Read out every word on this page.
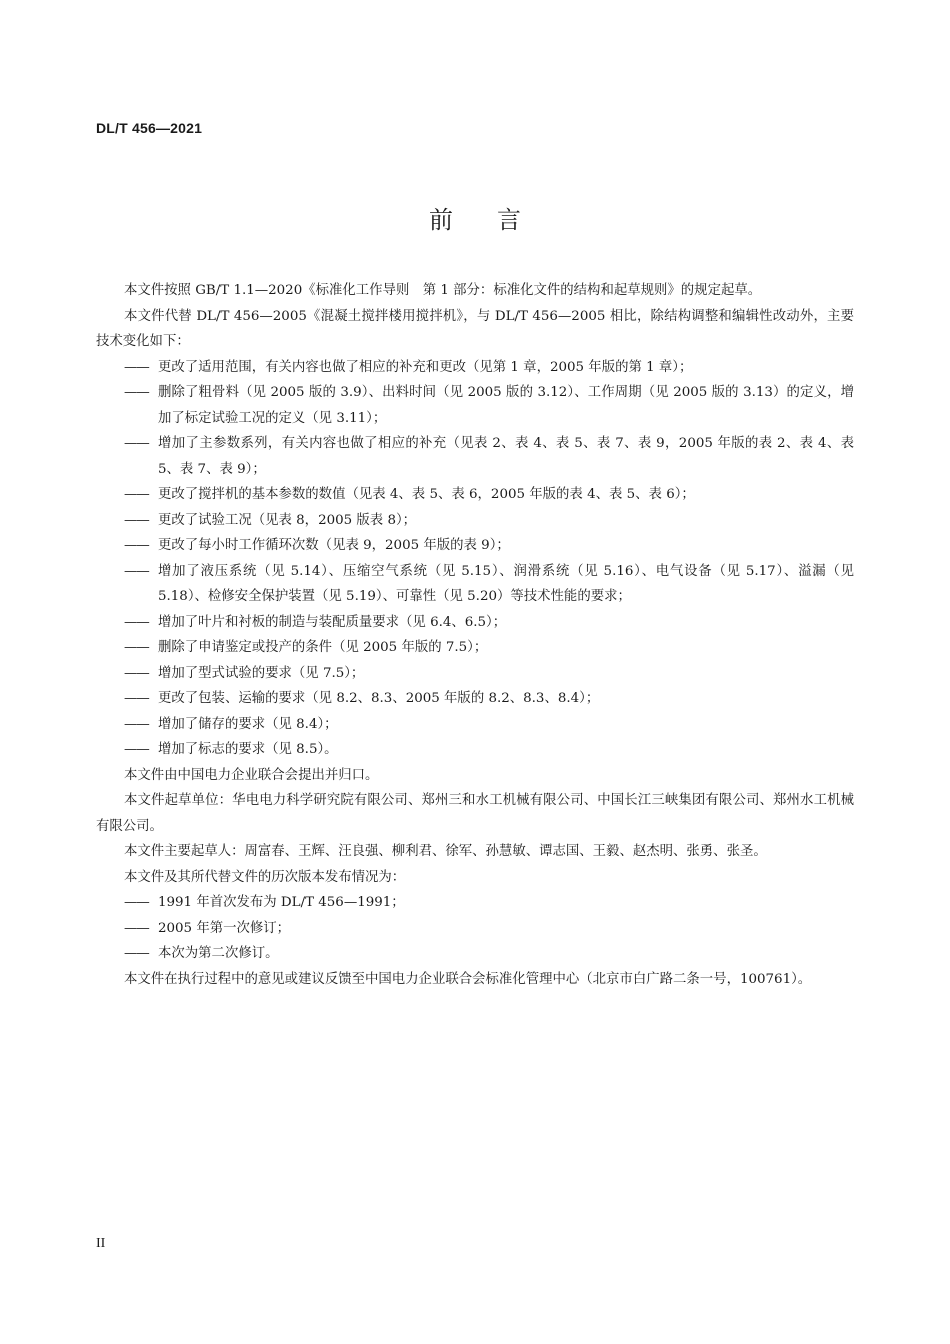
DL/T 456—2021
前言

本文件按照 GB/T 1.1—2020《标准化工作导则　第 1 部分：标准化文件的结构和起草规则》的规定起草。

本文件代替 DL/T 456—2005《混凝土搅拌楼用搅拌机》，与 DL/T 456—2005 相比，除结构调整和编辑性改动外，主要技术变化如下：

—— 更改了适用范围，有关内容也做了相应的补充和更改（见第 1 章，2005 年版的第 1 章）；
—— 删除了粗骨料（见 2005 版的 3.9）、出料时间（见 2005 版的 3.12）、工作周期（见 2005 版的 3.13）的定义，增加了标定试验工况的定义（见 3.11）；
—— 增加了主参数系列，有关内容也做了相应的补充（见表 2、表 4、表 5、表 7、表 9，2005 年版的表 2、表 4、表 5、表 7、表 9）；
—— 更改了搅拌机的基本参数的数值（见表 4、表 5、表 6，2005 年版的表 4、表 5、表 6）；
—— 更改了试验工况（见表 8，2005 版表 8）；
—— 更改了每小时工作循环次数（见表 9，2005 年版的表 9）；
—— 增加了液压系统（见 5.14）、压缩空气系统（见 5.15）、润滑系统（见 5.16）、电气设备（见 5.17）、溢漏（见 5.18）、检修安全保护装置（见 5.19）、可靠性（见 5.20）等技术性能的要求；
—— 增加了叶片和衬板的制造与装配质量要求（见 6.4、6.5）；
—— 删除了申请鉴定或投产的条件（见 2005 年版的 7.5）；
—— 增加了型式试验的要求（见 7.5）；
—— 更改了包装、运输的要求（见 8.2、8.3、2005 年版的 8.2、8.3、8.4）；
—— 增加了储存的要求（见 8.4）；
—— 增加了标志的要求（见 8.5）。

本文件由中国电力企业联合会提出并归口。

本文件起草单位：华电电力科学研究院有限公司、郑州三和水工机械有限公司、中国长江三峡集团有限公司、郑州水工机械有限公司。

本文件主要起草人：周富春、王辉、汪良强、柳利君、徐军、孙慧敏、谭志国、王毅、赵杰明、张勇、张圣。

本文件及其所代替文件的历次版本发布情况为：

—— 1991 年首次发布为 DL/T 456—1991；
—— 2005 年第一次修订；
—— 本次为第二次修订。

本文件在执行过程中的意见或建议反馈至中国电力企业联合会标准化管理中心（北京市白广路二条一号，100761）。

II
